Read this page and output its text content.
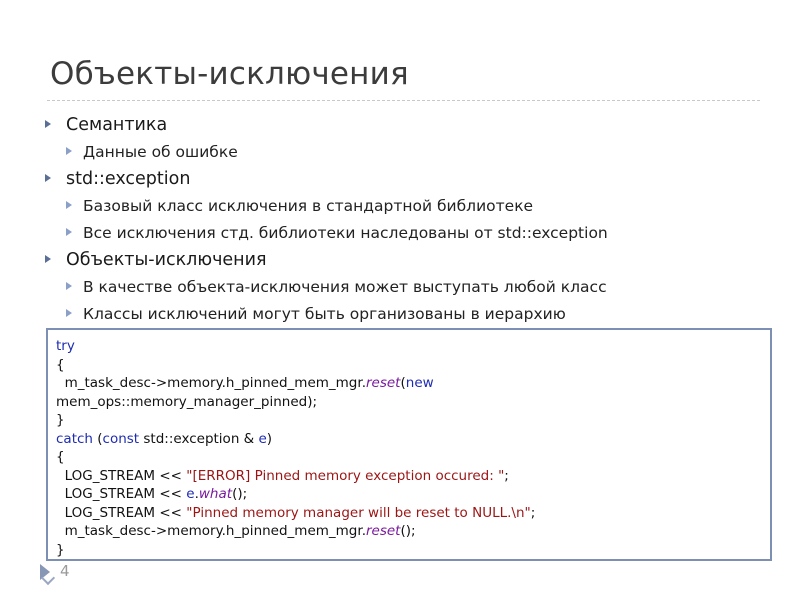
Объекты-исключения
Семантика
Данные об ошибке
std::exception
Базовый класс исключения в стандартной библиотеке
Все исключения стд. библиотеки наследованы от std::exception
Объекты-исключения
В качестве объекта-исключения может выступать любой класс
Классы исключений могут быть организованы в иерархию
try
{
m_task_desc->memory.h_pinned_mem_mgr.reset(new
mem_ops::memory_manager_pinned);
}
catch (const std::exception & e)
{
LOG_STREAM << "[ERROR] Pinned memory exception occured: ";
LOG_STREAM << e.what();
LOG_STREAM << "Pinned memory manager will be reset to NULL.\n";
m_task_desc->memory.h_pinned_mem_mgr.reset();
}
4
